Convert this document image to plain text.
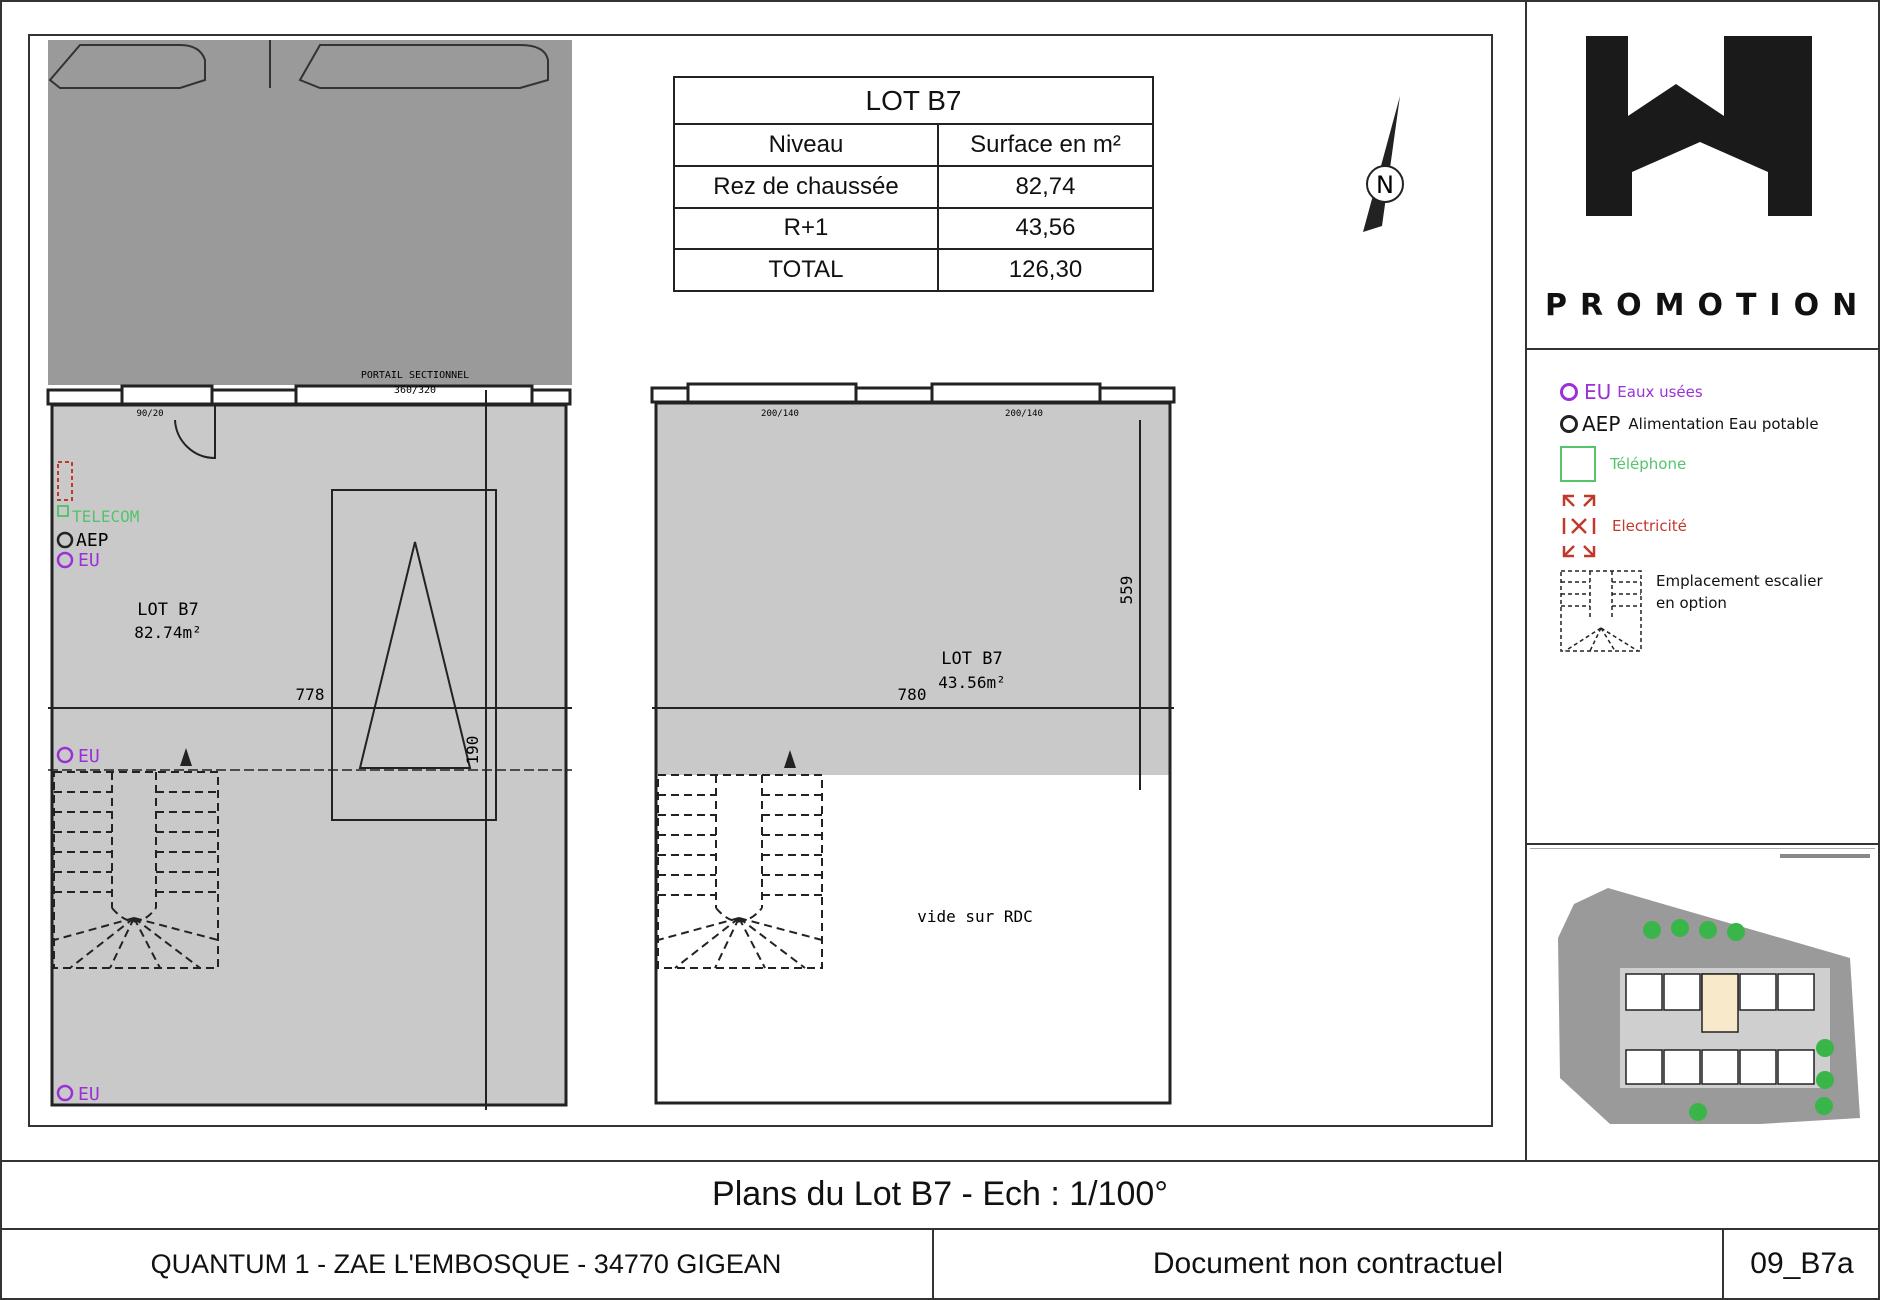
PORTAIL SECTIONNEL
360/320
90/20
778
190
LOT B7
82.74m²
TELECOM
AEP
EU
EU
EU
200/140	200/140
780
559
LOT B7
43.56m²
vide sur RDC
N
LOT B7	
Niveau	Surface en m²
Rez de chaussée	82,74
R+1	43,56
TOTAL	126,30
PROMOTION
EU Eaux usées
AEP Alimentation Eau potable
Téléphone
Electricité
Emplacement escalier en option
Plans du Lot B7 - Ech : 1/100°
QUANTUM 1 - ZAE L'EMBOSQUE - 34770 GIGEAN	Document non contractuel	09_B7a
